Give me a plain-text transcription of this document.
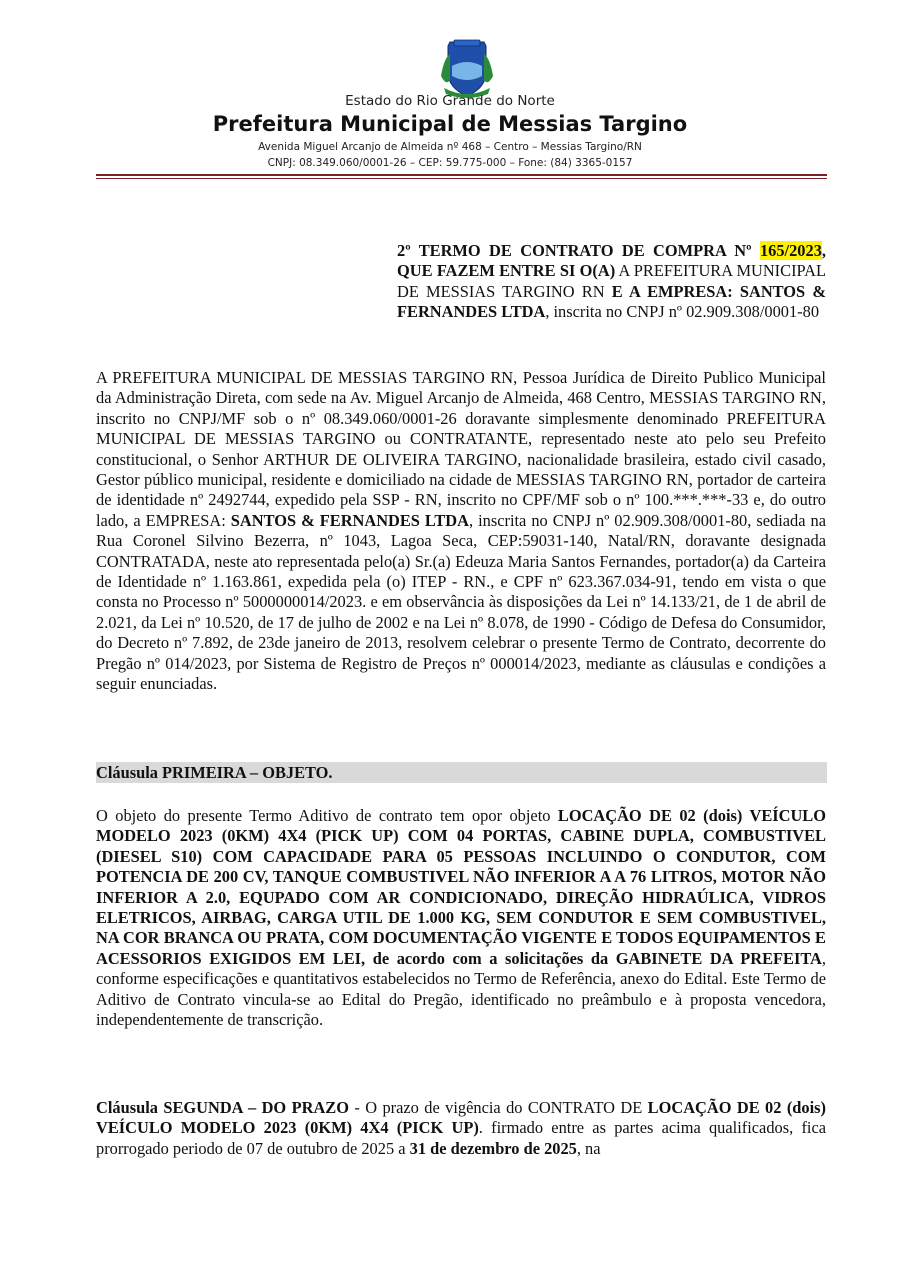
Estado do Rio Grande do Norte
Prefeitura Municipal de Messias Targino
Avenida Miguel Arcanjo de Almeida nº 468 – Centro – Messias Targino/RN
CNPJ: 08.349.060/0001-26 – CEP: 59.775-000 – Fone: (84) 3365-0157
2º TERMO DE CONTRATO DE COMPRA Nº 165/2023, QUE FAZEM ENTRE SI O(A) A PREFEITURA MUNICIPAL DE MESSIAS TARGINO RN E A EMPRESA: SANTOS & FERNANDES LTDA, inscrita no CNPJ nº 02.909.308/0001-80
A PREFEITURA MUNICIPAL DE MESSIAS TARGINO RN, Pessoa Jurídica de Direito Publico Municipal da Administração Direta, com sede na Av. Miguel Arcanjo de Almeida, 468 Centro, MESSIAS TARGINO RN, inscrito no CNPJ/MF sob o nº 08.349.060/0001-26 doravante simplesmente denominado PREFEITURA MUNICIPAL DE MESSIAS TARGINO ou CONTRATANTE, representado neste ato pelo seu Prefeito constitucional, o Senhor ARTHUR DE OLIVEIRA TARGINO, nacionalidade brasileira, estado civil casado, Gestor público municipal, residente e domiciliado na cidade de MESSIAS TARGINO RN, portador de carteira de identidade nº 2492744, expedido pela SSP - RN, inscrito no CPF/MF sob o nº 100.***.***-33 e, do outro lado, a EMPRESA: SANTOS & FERNANDES LTDA, inscrita no CNPJ nº 02.909.308/0001-80, sediada na Rua Coronel Silvino Bezerra, nº 1043, Lagoa Seca, CEP:59031-140, Natal/RN, doravante designada CONTRATADA, neste ato representada pelo(a) Sr.(a) Edeuza Maria Santos Fernandes, portador(a) da Carteira de Identidade nº 1.163.861, expedida pela (o) ITEP - RN., e CPF nº 623.367.034-91, tendo em vista o que consta no Processo nº 5000000014/2023. e em observância às disposições da Lei nº 14.133/21, de 1 de abril de 2.021, da Lei nº 10.520, de 17 de julho de 2002 e na Lei nº 8.078, de 1990 - Código de Defesa do Consumidor, do Decreto nº 7.892, de 23de janeiro de 2013, resolvem celebrar o presente Termo de Contrato, decorrente do Pregão nº 014/2023, por Sistema de Registro de Preços nº 000014/2023, mediante as cláusulas e condições a seguir enunciadas.
Cláusula PRIMEIRA – OBJETO.
O objeto do presente Termo Aditivo de contrato tem opor objeto LOCAÇÃO DE 02 (dois) VEÍCULO MODELO 2023 (0KM) 4X4 (PICK UP) COM 04 PORTAS, CABINE DUPLA, COMBUSTIVEL (DIESEL S10) COM CAPACIDADE PARA 05 PESSOAS INCLUINDO O CONDUTOR, COM POTENCIA DE 200 CV, TANQUE COMBUSTIVEL NÃO INFERIOR A A 76 LITROS, MOTOR NÃO INFERIOR A 2.0, EQUPADO COM AR CONDICIONADO, DIREÇÃO HIDRAÚLICA, VIDROS ELETRICOS, AIRBAG, CARGA UTIL DE 1.000 KG, SEM CONDUTOR E SEM COMBUSTIVEL, NA COR BRANCA OU PRATA, COM DOCUMENTAÇÃO VIGENTE E TODOS EQUIPAMENTOS E ACESSORIOS EXIGIDOS EM LEI, de acordo com a solicitações da GABINETE DA PREFEITA, conforme especificações e quantitativos estabelecidos no Termo de Referência, anexo do Edital. Este Termo de Aditivo de Contrato vincula-se ao Edital do Pregão, identificado no preâmbulo e à proposta vencedora, independentemente de transcrição.
Cláusula SEGUNDA – DO PRAZO - O prazo de vigência do CONTRATO DE LOCAÇÃO DE 02 (dois) VEÍCULO MODELO 2023 (0KM) 4X4 (PICK UP). firmado entre as partes acima qualificados, fica prorrogado periodo de 07 de outubro de 2025 a 31 de dezembro de 2025, na
